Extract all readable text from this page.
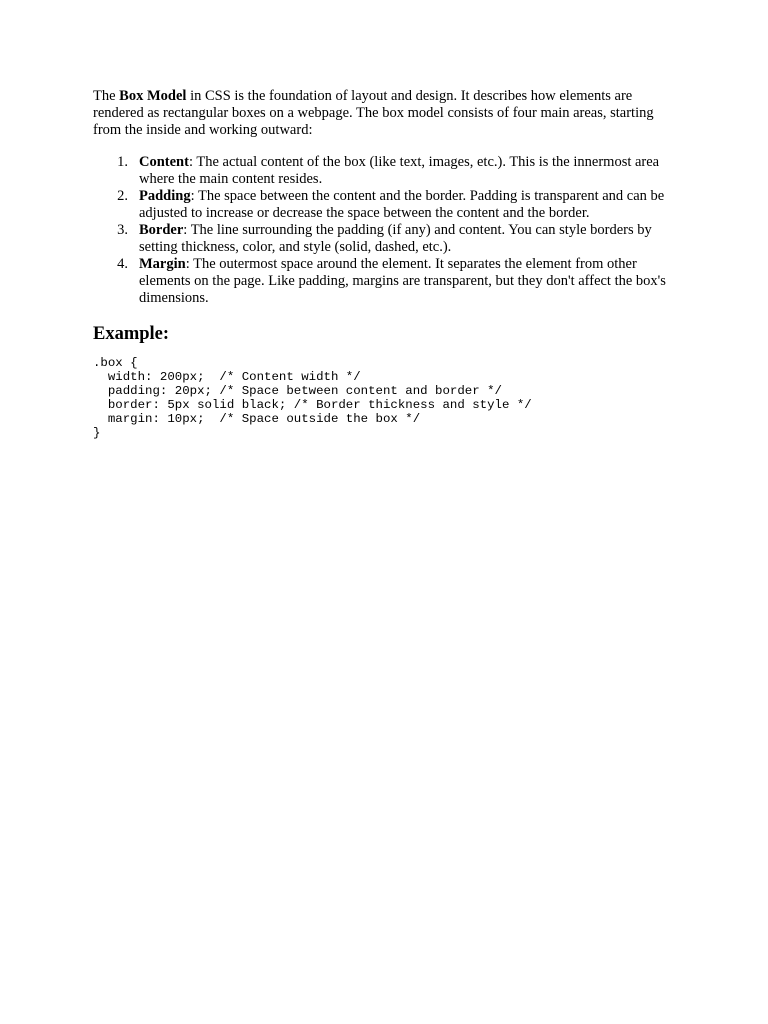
The Box Model in CSS is the foundation of layout and design. It describes how elements are rendered as rectangular boxes on a webpage. The box model consists of four main areas, starting from the inside and working outward:

1. Content: The actual content of the box (like text, images, etc.). This is the innermost area where the main content resides.
2. Padding: The space between the content and the border. Padding is transparent and can be adjusted to increase or decrease the space between the content and the border.
3. Border: The line surrounding the padding (if any) and content. You can style borders by setting thickness, color, and style (solid, dashed, etc.).
4. Margin: The outermost space around the element. It separates the element from other elements on the page. Like padding, margins are transparent, but they don't affect the box's dimensions.
Example:
.box {
width: 200px;  /* Content width */
padding: 20px; /* Space between content and border */
border: 5px solid black; /* Border thickness and style */
margin: 10px;  /* Space outside the box */
}
